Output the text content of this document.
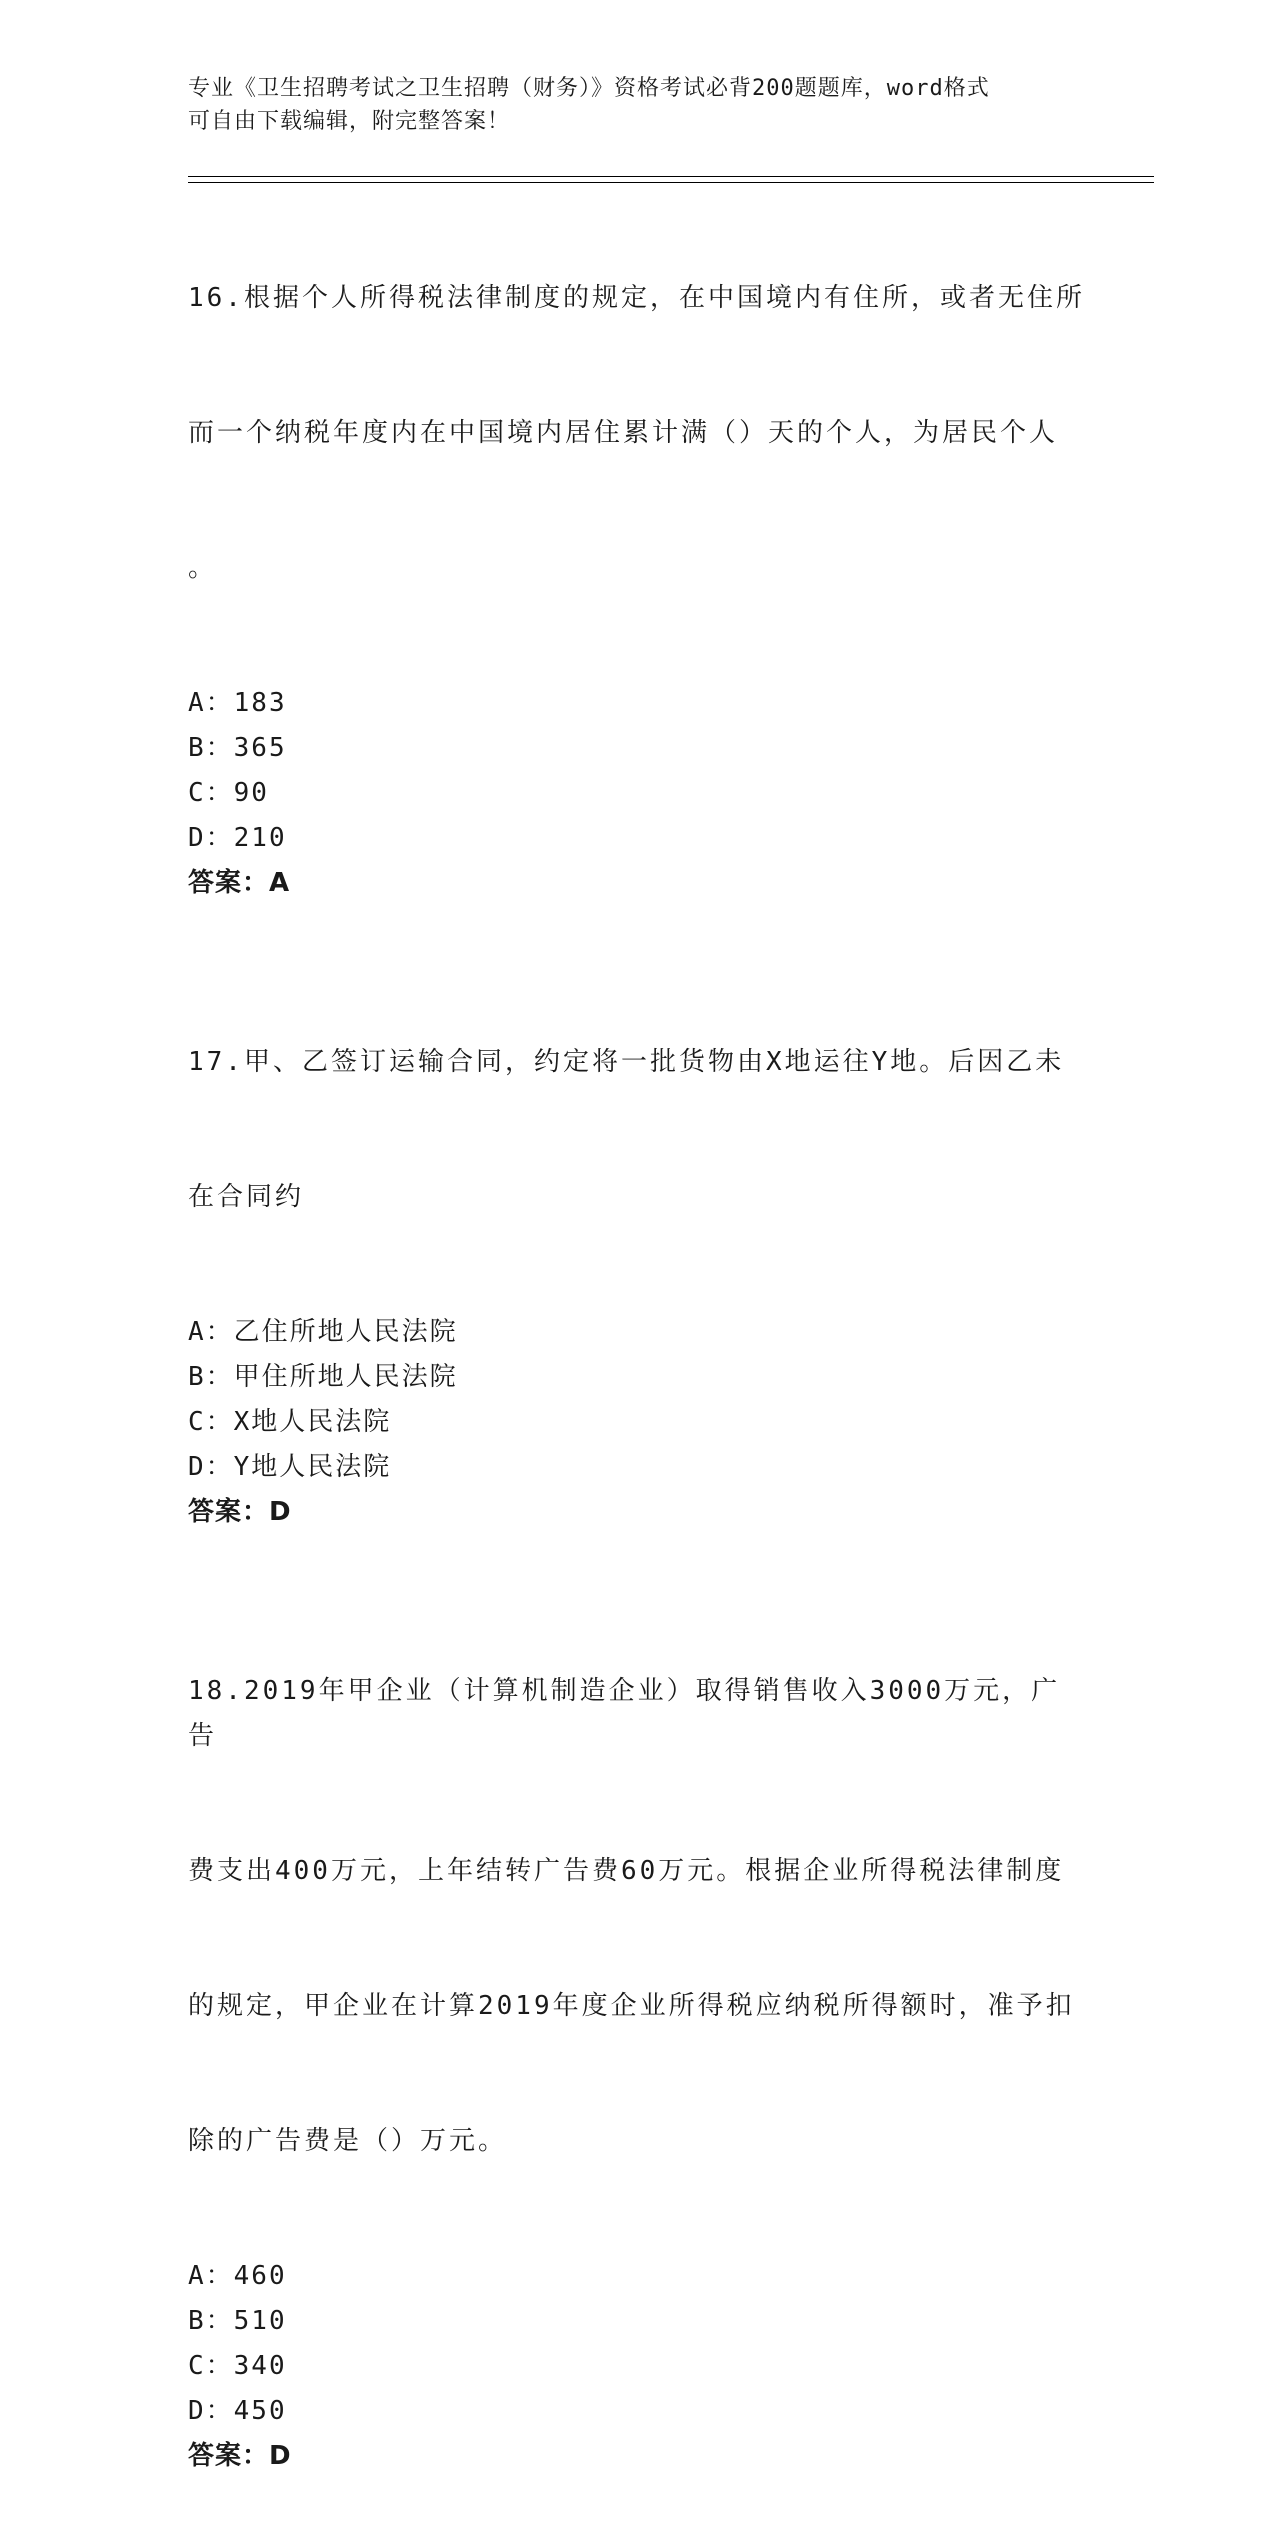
专业《卫生招聘考试之卫生招聘（财务）》资格考试必背200题题库，word格式
可自由下载编辑，附完整答案！

16.根据个人所得税法律制度的规定，在中国境内有住所，或者无住所

而一个纳税年度内在中国境内居住累计满（）天的个人，为居民个人

。

A：183
B：365
C：90
D：210
答案：A

17.甲、乙签订运输合同，约定将一批货物由X地运往Y地。后因乙未

在合同约

A：乙住所地人民法院
B：甲住所地人民法院
C：X地人民法院
D：Y地人民法院
答案：D

18.2019年甲企业（计算机制造企业）取得销售收入3000万元，广告

费支出400万元，上年结转广告费60万元。根据企业所得税法律制度

的规定，甲企业在计算2019年度企业所得税应纳税所得额时，准予扣

除的广告费是（）万元。

A：460
B：510
C：340
D：450
答案：D
